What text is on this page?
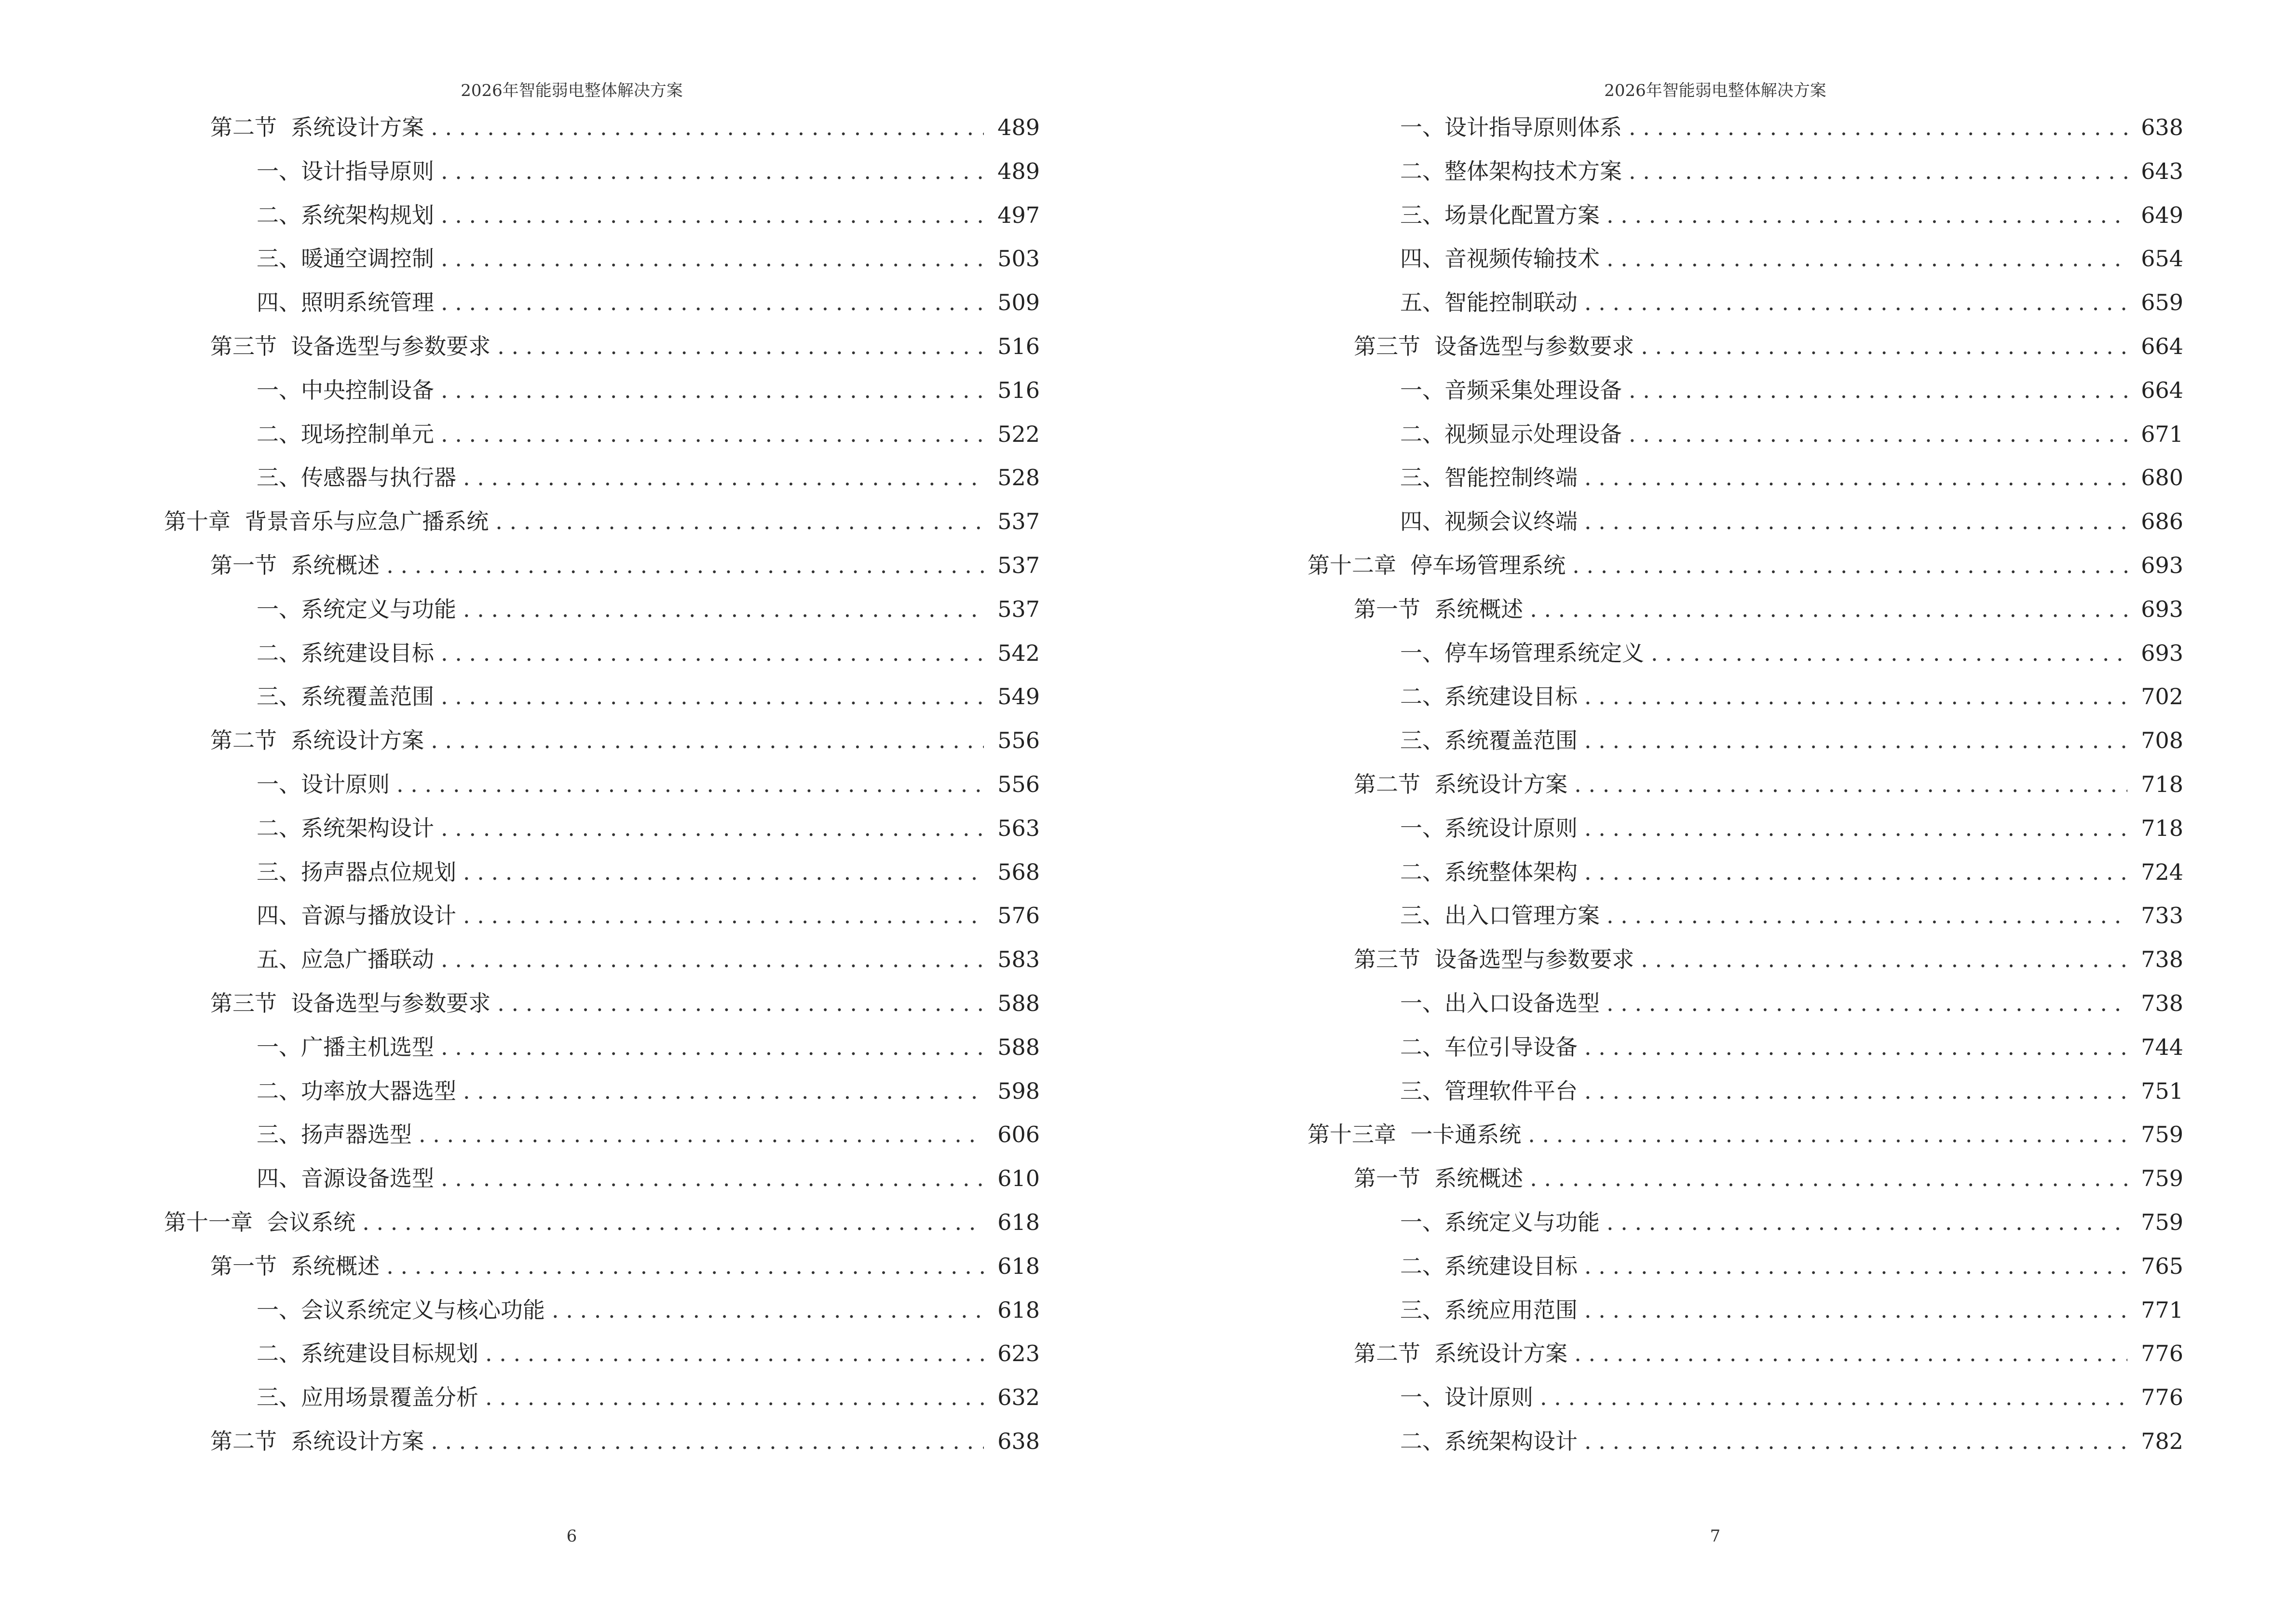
2026年智能弱电整体解决方案
第二节  系统设计方案 . . .	489
一、设计指导原则 . . .	489
二、系统架构规划 . . .	497
三、暖通空调控制 . . .	503
四、照明系统管理 . . .	509
第三节  设备选型与参数要求 . . .	516
一、中央控制设备 . . .	516
二、现场控制单元 . . .	522
三、传感器与执行器 . . .	528
第十章  背景音乐与应急广播系统 . . .	537
第一节  系统概述 . . .	537
一、系统定义与功能 . . .	537
二、系统建设目标 . . .	542
三、系统覆盖范围 . . .	549
第二节  系统设计方案 . . .	556
一、设计原则 . . .	556
二、系统架构设计 . . .	563
三、扬声器点位规划 . . .	568
四、音源与播放设计 . . .	576
五、应急广播联动 . . .	583
第三节  设备选型与参数要求 . . .	588
一、广播主机选型 . . .	588
二、功率放大器选型 . . .	598
三、扬声器选型 . . .	606
四、音源设备选型 . . .	610
第十一章  会议系统 . . .	618
第一节  系统概述 . . .	618
一、会议系统定义与核心功能 . . .	618
二、系统建设目标规划 . . .	623
三、应用场景覆盖分析 . . .	632
第二节  系统设计方案 . . .	638
6
2026年智能弱电整体解决方案
一、设计指导原则体系 . . .	638
二、整体架构技术方案 . . .	643
三、场景化配置方案 . . .	649
四、音视频传输技术 . . .	654
五、智能控制联动 . . .	659
第三节  设备选型与参数要求 . . .	664
一、音频采集处理设备 . . .	664
二、视频显示处理设备 . . .	671
三、智能控制终端 . . .	680
四、视频会议终端 . . .	686
第十二章  停车场管理系统 . . .	693
第一节  系统概述 . . .	693
一、停车场管理系统定义 . . .	693
二、系统建设目标 . . .	702
三、系统覆盖范围 . . .	708
第二节  系统设计方案 . . .	718
一、系统设计原则 . . .	718
二、系统整体架构 . . .	724
三、出入口管理方案 . . .	733
第三节  设备选型与参数要求 . . .	738
一、出入口设备选型 . . .	738
二、车位引导设备 . . .	744
三、管理软件平台 . . .	751
第十三章  一卡通系统 . . .	759
第一节  系统概述 . . .	759
一、系统定义与功能 . . .	759
二、系统建设目标 . . .	765
三、系统应用范围 . . .	771
第二节  系统设计方案 . . .	776
一、设计原则 . . .	776
二、系统架构设计 . . .	782
7
